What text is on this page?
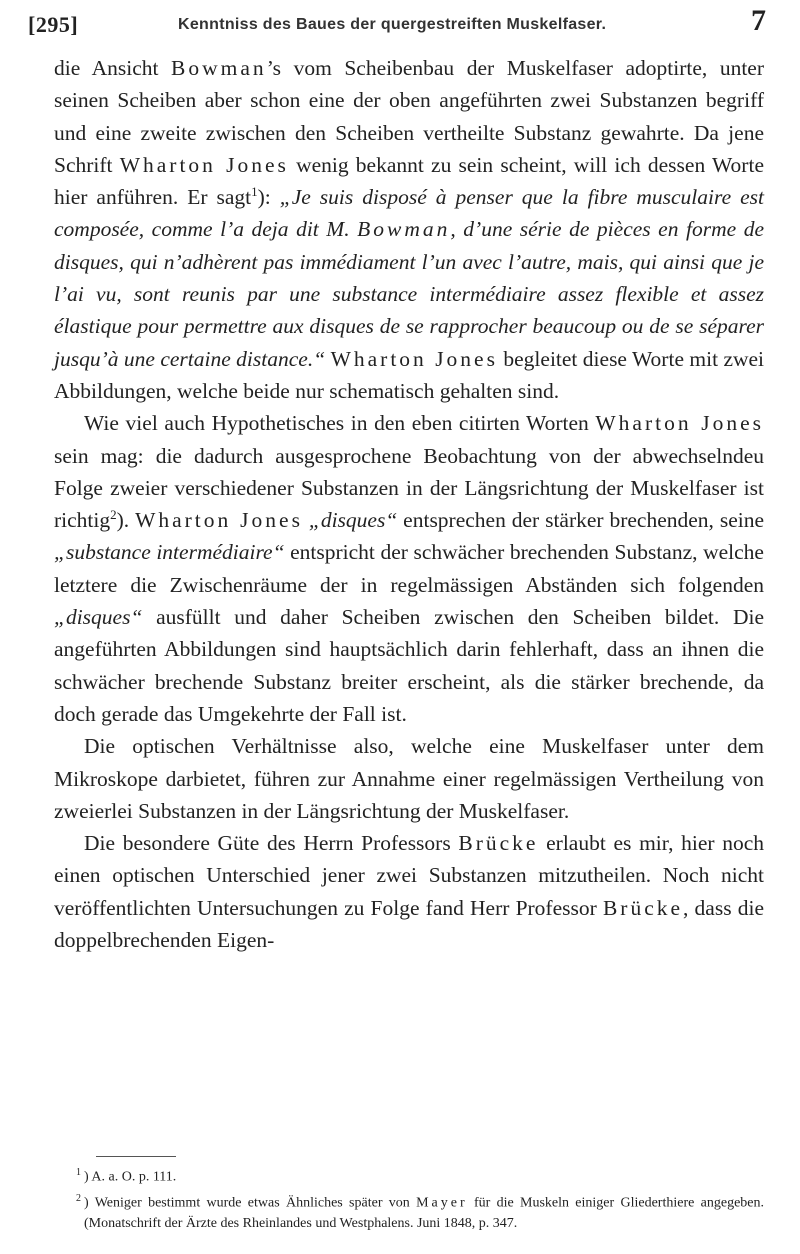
[295]	Kenntniss des Baues der quergestreiften Muskelfaser.	7

die Ansicht Bowman’s vom Scheibenbau der Muskelfaser adoptirte, unter seinen Scheiben aber schon eine der oben angeführten zwei Substanzen begriff und eine zweite zwischen den Scheiben vertheilte Substanz gewahrte. Da jene Schrift Wharton Jones wenig bekannt zu sein scheint, will ich dessen Worte hier anführen. Er sagt$^1$): „Je suis disposé à penser que la fibre musculaire est composée, comme l’a deja dit M. Bowman, d’une série de pièces en forme de disques, qui n’adhèrent pas immédiament l’un avec l’autre, mais, qui ainsi que je l’ai vu, sont reunis par une substance intermédiaire assez flexible et assez élastique pour permettre aux disques de se rapprocher beaucoup ou de se séparer jusqu’à une certaine distance.“ Wharton Jones begleitet diese Worte mit zwei Abbildungen, welche beide nur schematisch gehalten sind.

Wie viel auch Hypothetisches in den eben citirten Worten Wharton Jones sein mag: die dadurch ausgesprochene Beobachtung von der abwechselndeu Folge zweier verschiedener Substanzen in der Längsrichtung der Muskelfaser ist richtig$^2$). Wharton Jones „disques“ entsprechen der stärker brechenden, seine „substance intermédiaire“ entspricht der schwächer brechenden Substanz, welche letztere die Zwischenräume der in regelmässigen Abständen sich folgenden „disques“ ausfüllt und daher Scheiben zwischen den Scheiben bildet. Die angeführten Abbildungen sind hauptsächlich darin fehlerhaft, dass an ihnen die schwächer brechende Substanz breiter erscheint, als die stärker brechende, da doch gerade das Umgekehrte der Fall ist.

Die optischen Verhältnisse also, welche eine Muskelfaser unter dem Mikroskope darbietet, führen zur Annahme einer regelmässigen Vertheilung von zweierlei Substanzen in der Längsrichtung der Muskelfaser.

Die besondere Güte des Herrn Professors Brücke erlaubt es mir, hier noch einen optischen Unterschied jener zwei Substanzen mitzutheilen. Noch nicht veröffentlichten Untersuchungen zu Folge fand Herr Professor Brücke, dass die doppelbrechenden Eigen-

$^1$ ) A. a. O. p. 111.

$^2$ ) Weniger bestimmt wurde etwas Ähnliches später von Mayer für die Muskeln einiger Gliederthiere angegeben. (Monatschrift der Ärzte des Rheinlandes und Westphalens. Juni 1848, p. 347.
